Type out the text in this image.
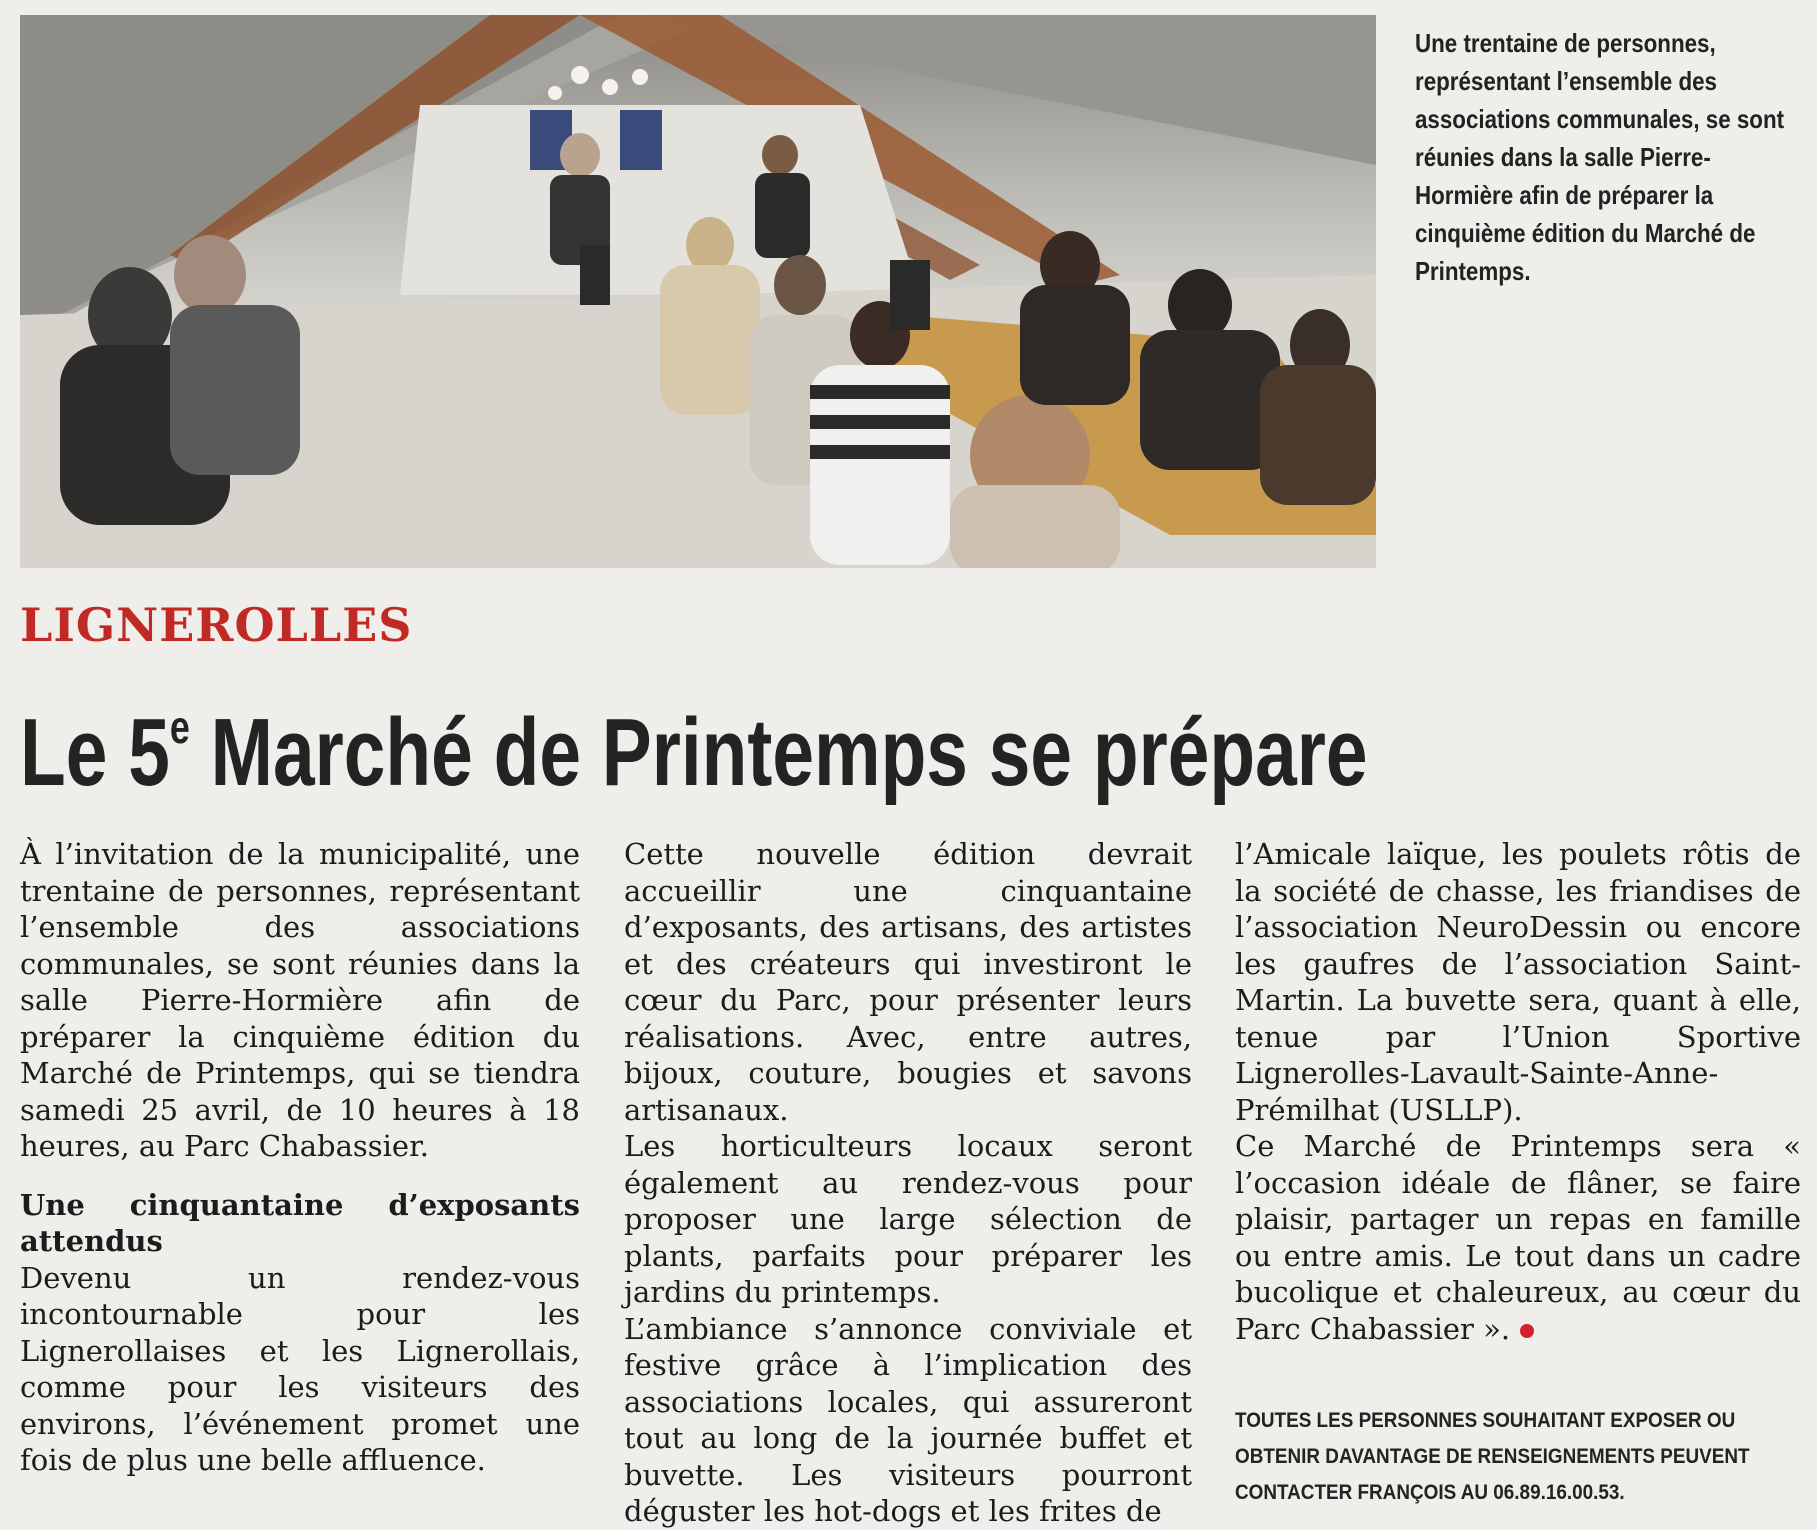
Une trentaine de personnes, représentant l’ensemble des associations communales, se sont réunies dans la salle Pierre- Hormière afin de préparer la cinquième édition du Marché de Printemps.
LIGNEROLLES
Le 5e Marché de Printemps se prépare

À l’invitation de la municipalité, une trentaine de personnes, représentant l’ensemble des associations communales, se sont réunies dans la salle Pierre-Hormière afin de préparer la cinquième édition du Marché de Printemps, qui se tiendra samedi 25 avril, de 10 heures à 18 heures, au Parc Chabassier.

Une cinquantaine d’exposants attendus

Devenu un rendez-vous incontournable pour les Lignerollaises et les Lignerollais, comme pour les visiteurs des environs, l’événement promet une fois de plus une belle affluence.

Cette nouvelle édition devrait accueillir une cinquantaine d’exposants, des artisans, des artistes et des créateurs qui investiront le cœur du Parc, pour présenter leurs réalisations. Avec, entre autres, bijoux, couture, bougies et savons artisanaux.

Les horticulteurs locaux seront également au rendez-vous pour proposer une large sélection de plants, parfaits pour préparer les jardins du printemps.

L’ambiance s’annonce conviviale et festive grâce à l’implication des associations locales, qui assureront tout au long de la journée buffet et buvette. Les visiteurs pourront déguster les hot-dogs et les frites de

l’Amicale laïque, les poulets rôtis de la société de chasse, les friandises de l’association NeuroDessin ou encore les gaufres de l’association Saint-Martin. La buvette sera, quant à elle, tenue par l’Union Sportive Lignerolles-Lavault-Sainte-Anne-Prémilhat (USLLP).

Ce Marché de Printemps sera « l’occasion idéale de flâner, se faire plaisir, partager un repas en famille ou entre amis. Le tout dans un cadre bucolique et chaleureux, au cœur du Parc Chabassier ».

TOUTES LES PERSONNES SOUHAITANT EXPOSER OU OBTENIR DAVANTAGE DE RENSEIGNEMENTS PEUVENT CONTACTER FRANÇOIS AU 06.89.16.00.53.
